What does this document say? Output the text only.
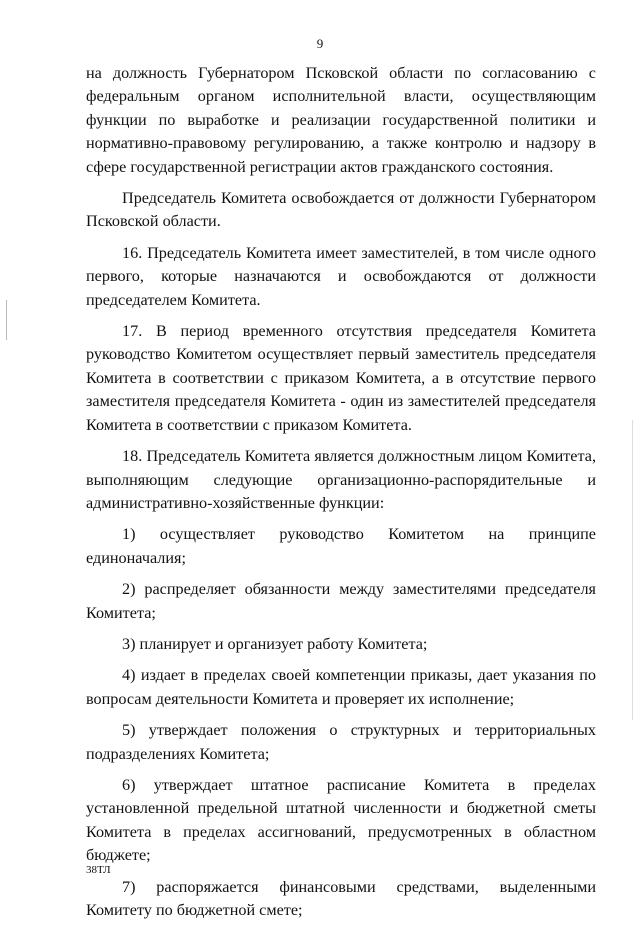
9

на должность Губернатором Псковской области по согласованию с федеральным органом исполнительной власти, осуществляющим функции по выработке и реализации государственной политики и нормативно-правовому регулированию, а также контролю и надзору в сфере государственной регистрации актов гражданского состояния.

Председатель Комитета освобождается от должности Губернатором Псковской области.

16. Председатель Комитета имеет заместителей, в том числе одного первого, которые назначаются и освобождаются от должности председателем Комитета.

17. В период временного отсутствия председателя Комитета руководство Комитетом осуществляет первый заместитель председателя Комитета в соответствии с приказом Комитета, а в отсутствие первого заместителя председателя Комитета - один из заместителей председателя Комитета в соответствии с приказом Комитета.

18. Председатель Комитета является должностным лицом Комитета, выполняющим следующие организационно-распорядительные и административно-хозяйственные функции:

1) осуществляет руководство Комитетом на принципе единоначалия;

2) распределяет обязанности между заместителями председателя Комитета;

3) планирует и организует работу Комитета;

4) издает в пределах своей компетенции приказы, дает указания по вопросам деятельности Комитета и проверяет их исполнение;

5) утверждает положения о структурных и территориальных подразделениях Комитета;

6) утверждает штатное расписание Комитета в пределах установленной предельной штатной численности и бюджетной сметы Комитета в пределах ассигнований, предусмотренных в областном бюджете;

7) распоряжается финансовыми средствами, выделенными Комитету по бюджетной смете;

38ТЛ
